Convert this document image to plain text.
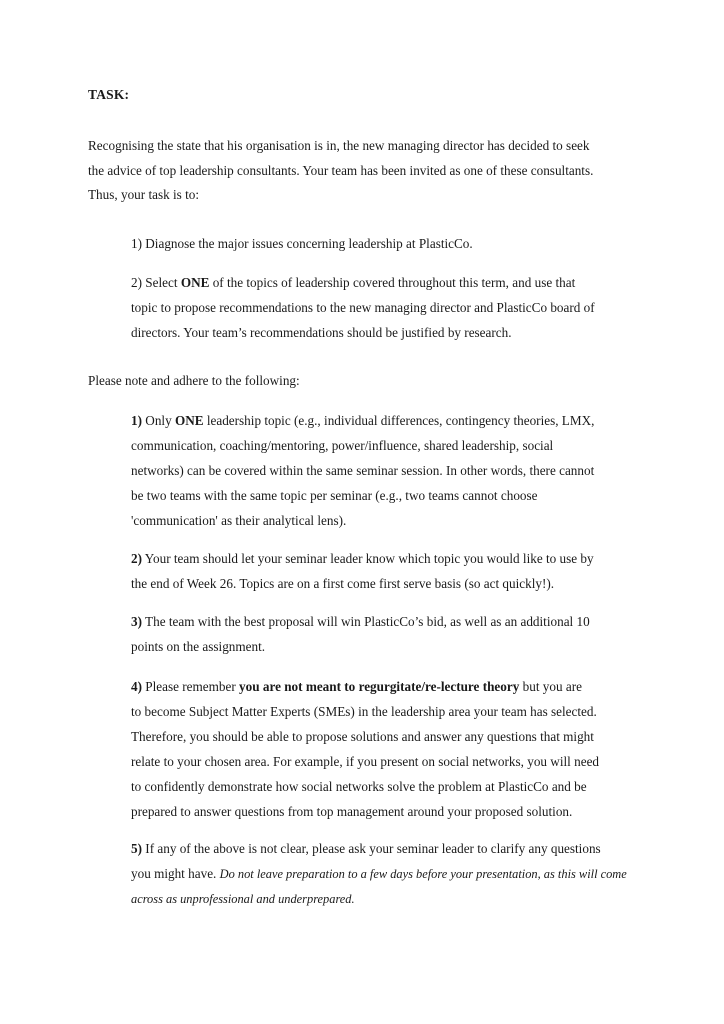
TASK:
Recognising the state that his organisation is in, the new managing director has decided to seek
the advice of top leadership consultants. Your team has been invited as one of these consultants.
Thus, your task is to:
1) Diagnose the major issues concerning leadership at PlasticCo.
2) Select ONE of the topics of leadership covered throughout this term, and use that
topic to propose recommendations to the new managing director and PlasticCo board of
directors. Your team’s recommendations should be justified by research.
Please note and adhere to the following:
1) Only ONE leadership topic (e.g., individual differences, contingency theories, LMX,
communication, coaching/mentoring, power/influence, shared leadership, social
networks) can be covered within the same seminar session. In other words, there cannot
be two teams with the same topic per seminar (e.g., two teams cannot choose
'communication' as their analytical lens).
2) Your team should let your seminar leader know which topic you would like to use by
the end of Week 26. Topics are on a first come first serve basis (so act quickly!).
3) The team with the best proposal will win PlasticCo’s bid, as well as an additional 10
points on the assignment.
4) Please remember you are not meant to regurgitate/re-lecture theory but you are
to become Subject Matter Experts (SMEs) in the leadership area your team has selected.
Therefore, you should be able to propose solutions and answer any questions that might
relate to your chosen area. For example, if you present on social networks, you will need
to confidently demonstrate how social networks solve the problem at PlasticCo and be
prepared to answer questions from top management around your proposed solution.
5) If any of the above is not clear, please ask your seminar leader to clarify any questions
you might have. Do not leave preparation to a few days before your presentation, as this will come
across as unprofessional and underprepared.
